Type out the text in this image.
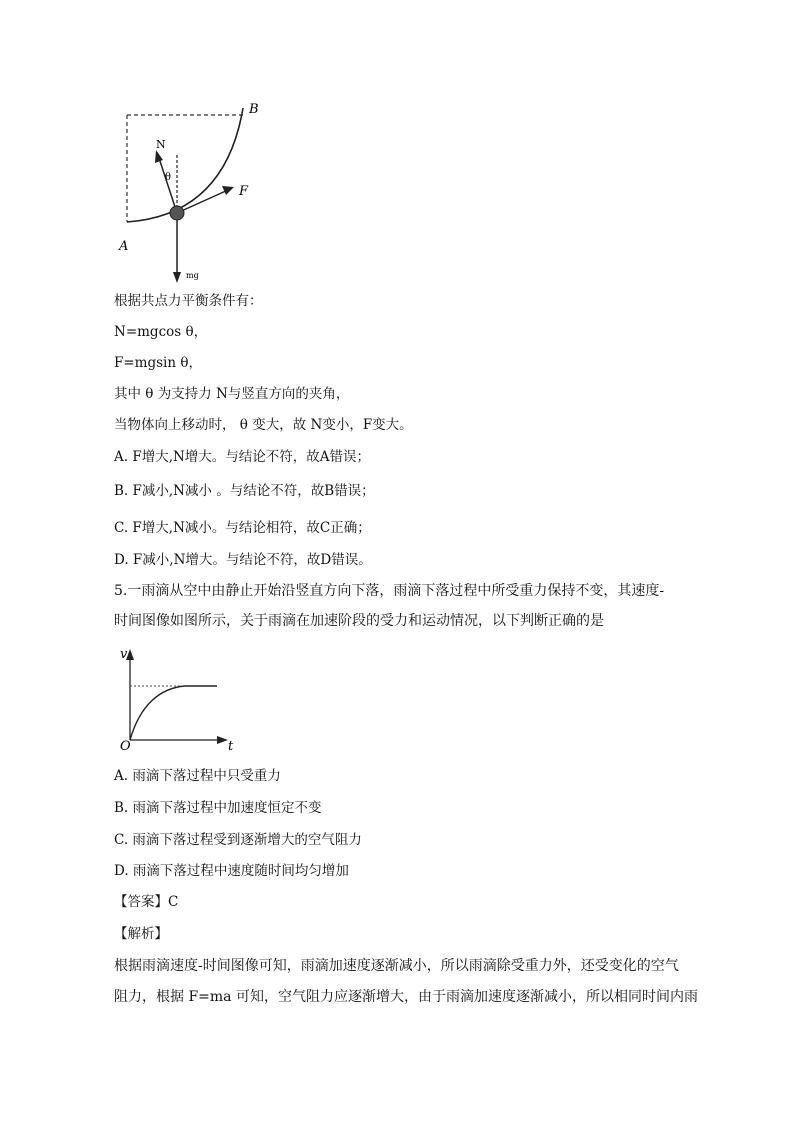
B
A
N
θ
F
mg
根据共点力平衡条件有：
N=mgcos θ，
F=mgsin θ，
其中 θ 为支持力 N与竖直方向的夹角，
当物体向上移动时， θ 变大，故 N变小，F变大。
A. F增大,N增大。与结论不符，故A错误；
B. F减小,N减小 。与结论不符，故B错误；
C. F增大,N减小。与结论相符，故C正确；
D. F减小,N增大。与结论不符，故D错误。
5.一雨滴从空中由静止开始沿竖直方向下落，雨滴下落过程中所受重力保持不变，其速度-
时间图像如图所示，关于雨滴在加速阶段的受力和运动情况，以下判断正确的是
v
O	t
A. 雨滴下落过程中只受重力
B. 雨滴下落过程中加速度恒定不变
C. 雨滴下落过程受到逐渐增大的空气阻力
D. 雨滴下落过程中速度随时间均匀增加
【答案】C
【解析】
根据雨滴速度-时间图像可知，雨滴加速度逐渐减小，所以雨滴除受重力外，还受变化的空气
阻力，根据 F=ma 可知，空气阻力应逐渐增大，由于雨滴加速度逐渐减小，所以相同时间内雨
